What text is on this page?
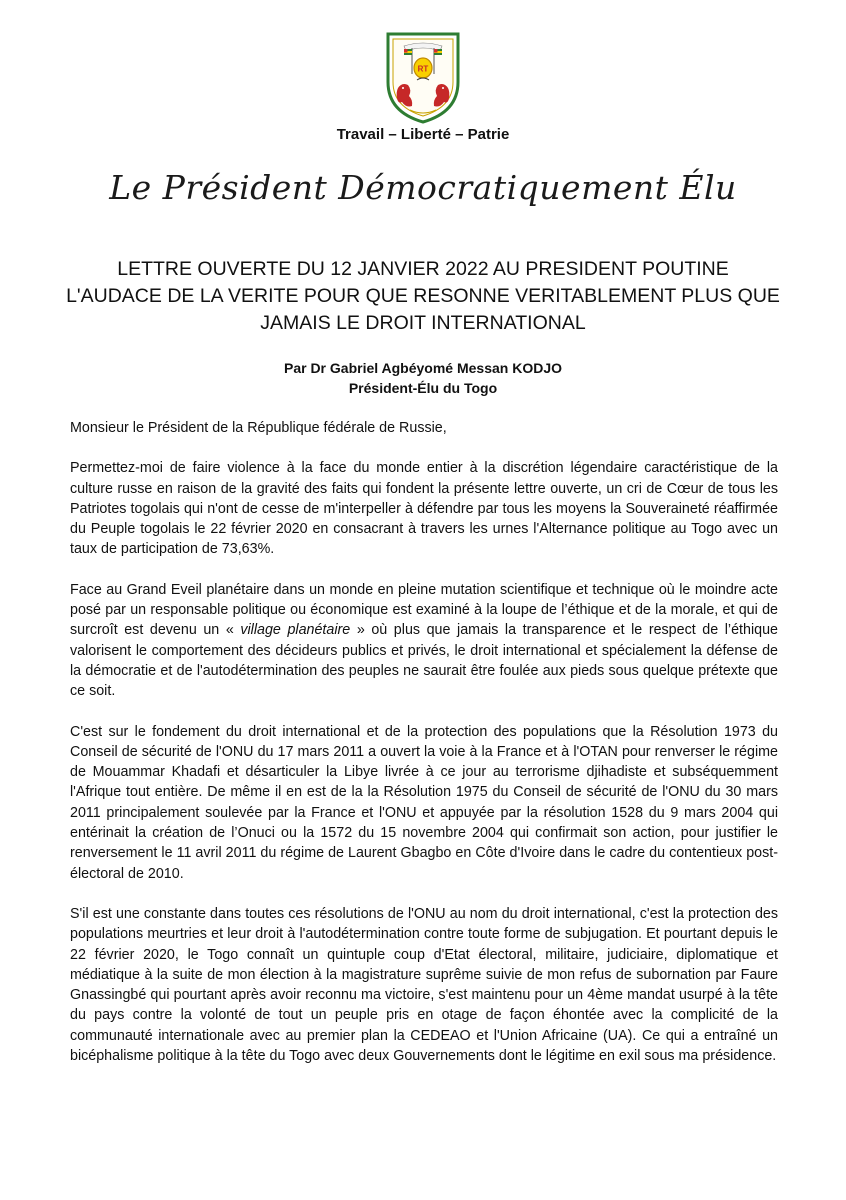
RT
Travail – Liberté – Patrie
Le Président Démocratiquement Élu
LETTRE OUVERTE DU 12 JANVIER 2022 AU PRESIDENT POUTINE
L'AUDACE DE LA VERITE POUR QUE RESONNE VERITABLEMENT PLUS QUE
JAMAIS LE DROIT INTERNATIONAL
Par Dr Gabriel Agbéyomé Messan KODJO
Président-Élu du Togo

Monsieur le Président de la République fédérale de Russie,

Permettez-moi de faire violence à la face du monde entier à la discrétion légendaire caractéristique de la culture russe en raison de la gravité des faits qui fondent la présente lettre ouverte, un cri de Cœur de tous les Patriotes togolais qui n'ont de cesse de m'interpeller à défendre par tous les moyens la Souveraineté réaffirmée du Peuple togolais le 22 février 2020 en consacrant à travers les urnes l'Alternance politique au Togo avec un taux de participation de 73,63%.

Face au Grand Eveil planétaire dans un monde en pleine mutation scientifique et technique où le moindre acte posé par un responsable politique ou économique est examiné à la loupe de l’éthique et de la morale, et qui de surcroît est devenu un « village planétaire » où plus que jamais la transparence et le respect de l’éthique valorisent le comportement des décideurs publics et privés, le droit international et spécialement la défense de la démocratie et de l'autodétermination des peuples ne saurait être foulée aux pieds sous quelque prétexte que ce soit.

C'est sur le fondement du droit international et de la protection des populations que la Résolution 1973 du Conseil de sécurité de l'ONU du 17 mars 2011 a ouvert la voie à la France et à l'OTAN pour renverser le régime de Mouammar Khadafi et désarticuler la Libye livrée à ce jour au terrorisme djihadiste et subséquemment l'Afrique tout entière. De même il en est de la la Résolution 1975 du Conseil de sécurité de l'ONU du 30 mars 2011 principalement soulevée par la France et l'ONU et appuyée par la résolution 1528 du 9 mars 2004 qui entérinait la création de l’Onuci ou la 1572 du 15 novembre 2004 qui confirmait son action, pour justifier le renversement le 11 avril 2011 du régime de Laurent Gbagbo en Côte d'Ivoire dans le cadre du contentieux post-électoral de 2010.

S'il est une constante dans toutes ces résolutions de l'ONU au nom du droit international, c'est la protection des populations meurtries et leur droit à l'autodétermination contre toute forme de subjugation. Et pourtant depuis le 22 février 2020, le Togo connaît un quintuple coup d'Etat électoral, militaire, judiciaire, diplomatique et médiatique à la suite de mon élection à la magistrature suprême suivie de mon refus de subornation par Faure Gnassingbé qui pourtant après avoir reconnu ma victoire, s'est maintenu pour un 4ème mandat usurpé à la tête du pays contre la volonté de tout un peuple pris en otage de façon éhontée avec la complicité de la communauté internationale avec au premier plan la CEDEAO et l'Union Africaine (UA). Ce qui a entraîné un bicéphalisme politique à la tête du Togo avec deux Gouvernements dont le légitime en exil sous ma présidence.
